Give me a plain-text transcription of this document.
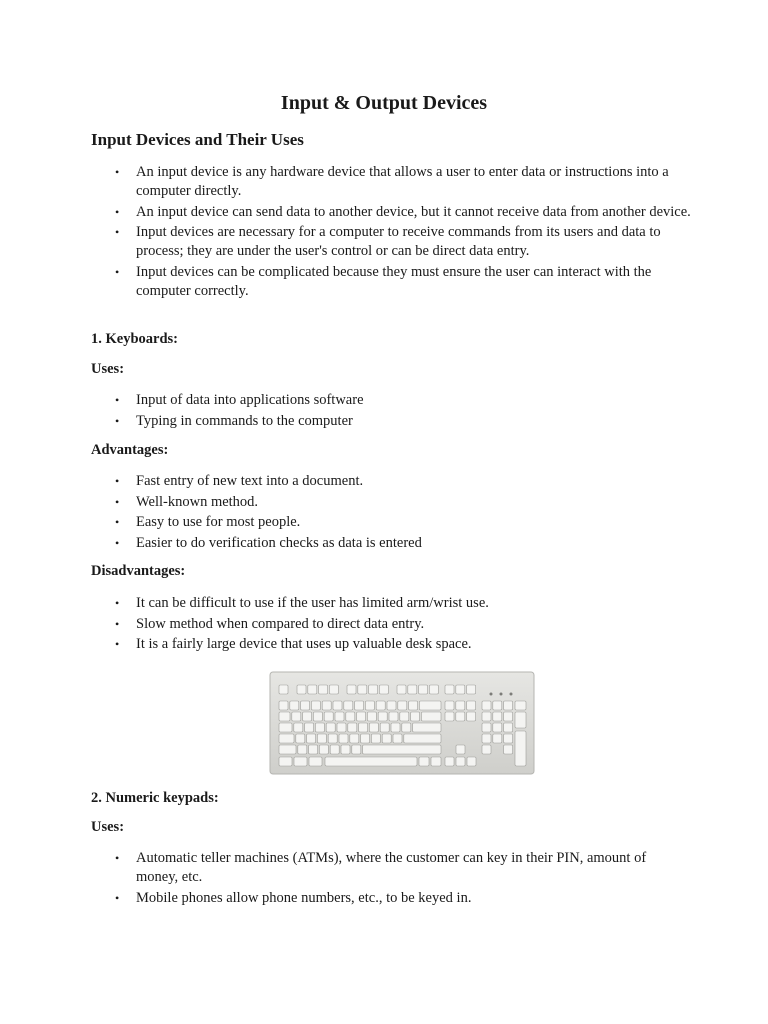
Input & Output Devices
Input Devices and Their Uses
• An input device is any hardware device that allows a user to enter data or instructions into a computer directly.
• An input device can send data to another device, but it cannot receive data from another device.
• Input devices are necessary for a computer to receive commands from its users and data to process; they are under the user's control or can be direct data entry.
• Input devices can be complicated because they must ensure the user can interact with the computer correctly.
1. Keyboards:
Uses:
• Input of data into applications software
• Typing in commands to the computer
Advantages:
• Fast entry of new text into a document.
• Well-known method.
• Easy to use for most people.
• Easier to do verification checks as data is entered
Disadvantages:
• It can be difficult to use if the user has limited arm/wrist use.
• Slow method when compared to direct data entry.
• It is a fairly large device that uses up valuable desk space.
2. Numeric keypads:
Uses:
• Automatic teller machines (ATMs), where the customer can key in their PIN, amount of money, etc.
• Mobile phones allow phone numbers, etc., to be keyed in.
